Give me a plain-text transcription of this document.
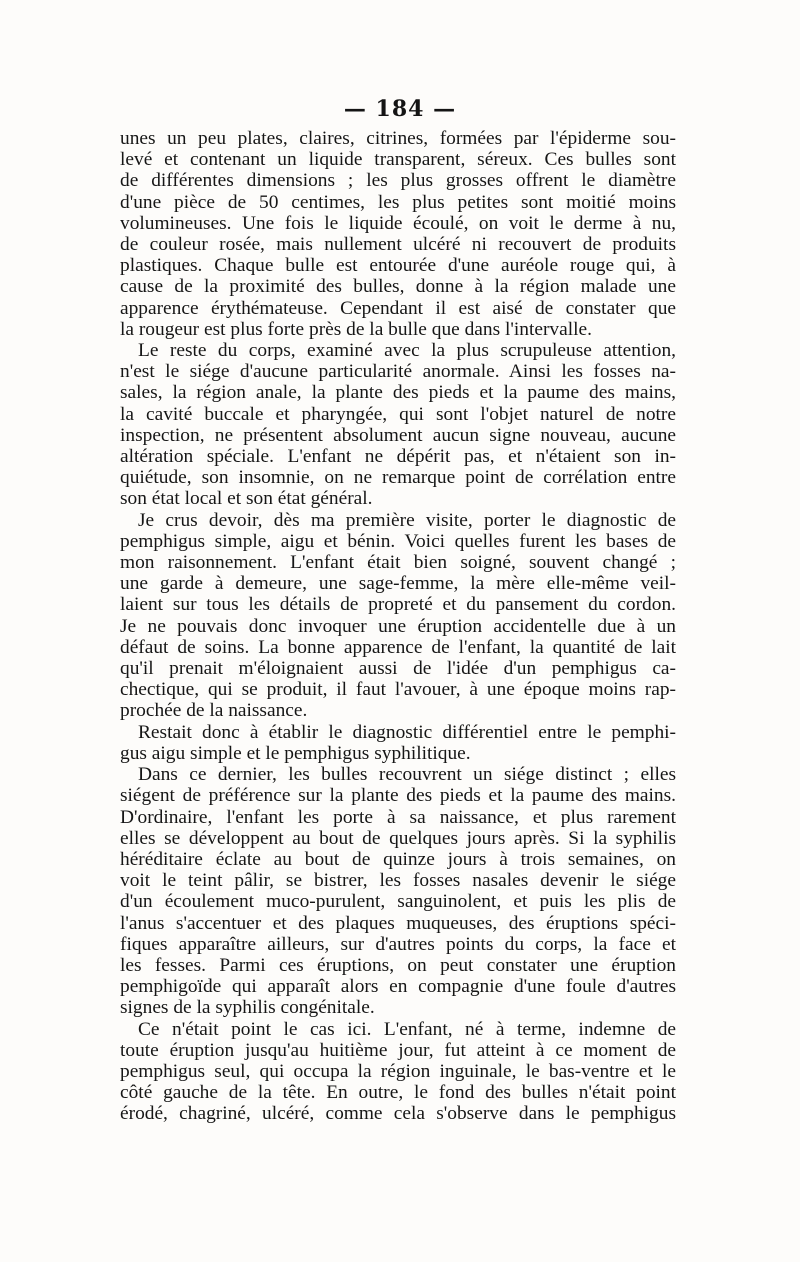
— 184 —

unes un peu plates, claires, citrines, formées par l'épiderme sou-
levé et contenant un liquide transparent, séreux. Ces bulles sont
de différentes dimensions ; les plus grosses offrent le diamètre
d'une pièce de 50 centimes, les plus petites sont moitié moins
volumineuses. Une fois le liquide écoulé, on voit le derme à nu,
de couleur rosée, mais nullement ulcéré ni recouvert de produits
plastiques. Chaque bulle est entourée d'une auréole rouge qui, à
cause de la proximité des bulles, donne à la région malade une
apparence érythémateuse. Cependant il est aisé de constater que
la rougeur est plus forte près de la bulle que dans l'intervalle.

Le reste du corps, examiné avec la plus scrupuleuse attention,
n'est le siége d'aucune particularité anormale. Ainsi les fosses na-
sales, la région anale, la plante des pieds et la paume des mains,
la cavité buccale et pharyngée, qui sont l'objet naturel de notre
inspection, ne présentent absolument aucun signe nouveau, aucune
altération spéciale. L'enfant ne dépérit pas, et n'étaient son in-
quiétude, son insomnie, on ne remarque point de corrélation entre
son état local et son état général.

Je crus devoir, dès ma première visite, porter le diagnostic de
pemphigus simple, aigu et bénin. Voici quelles furent les bases de
mon raisonnement. L'enfant était bien soigné, souvent changé ;
une garde à demeure, une sage-femme, la mère elle-même veil-
laient sur tous les détails de propreté et du pansement du cordon.
Je ne pouvais donc invoquer une éruption accidentelle due à un
défaut de soins. La bonne apparence de l'enfant, la quantité de lait
qu'il prenait m'éloignaient aussi de l'idée d'un pemphigus ca-
chectique, qui se produit, il faut l'avouer, à une époque moins rap-
prochée de la naissance.

Restait donc à établir le diagnostic différentiel entre le pemphi-
gus aigu simple et le pemphigus syphilitique.

Dans ce dernier, les bulles recouvrent un siége distinct ; elles
siégent de préférence sur la plante des pieds et la paume des mains.
D'ordinaire, l'enfant les porte à sa naissance, et plus rarement
elles se développent au bout de quelques jours après. Si la syphilis
héréditaire éclate au bout de quinze jours à trois semaines, on
voit le teint pâlir, se bistrer, les fosses nasales devenir le siége
d'un écoulement muco-purulent, sanguinolent, et puis les plis de
l'anus s'accentuer et des plaques muqueuses, des éruptions spéci-
fiques apparaître ailleurs, sur d'autres points du corps, la face et
les fesses. Parmi ces éruptions, on peut constater une éruption
pemphigoïde qui apparaît alors en compagnie d'une foule d'autres
signes de la syphilis congénitale.

Ce n'était point le cas ici. L'enfant, né à terme, indemne de
toute éruption jusqu'au huitième jour, fut atteint à ce moment de
pemphigus seul, qui occupa la région inguinale, le bas-ventre et le
côté gauche de la tête. En outre, le fond des bulles n'était point
érodé, chagriné, ulcéré, comme cela s'observe dans le pemphigus
